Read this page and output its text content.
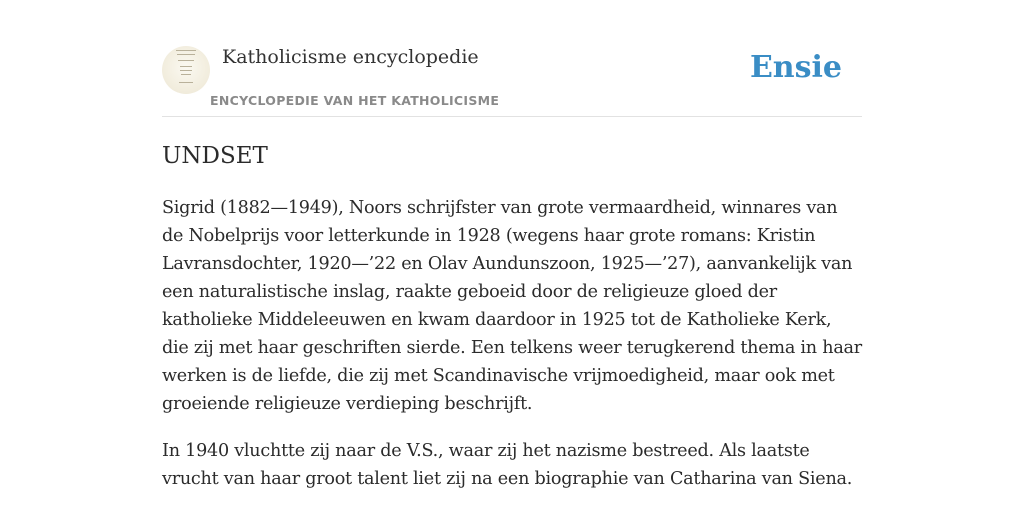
Katholicisme encyclopedie
ENCYCLOPEDIE VAN HET KATHOLICISME
Ensie
UNDSET

Sigrid (1882—1949), Noors schrijfster van grote vermaardheid, winnares van de Nobelprijs voor letterkunde in 1928 (wegens haar grote romans: Kristin Lavransdochter, 1920—’22 en Olav Aundunszoon, 1925—’27), aanvankelijk van een naturalistische inslag, raakte geboeid door de religieuze gloed der katholieke Middeleeuwen en kwam daardoor in 1925 tot de Katholieke Kerk, die zij met haar geschriften sierde. Een telkens weer terugkerend thema in haar werken is de liefde, die zij met Scandinavische vrijmoedigheid, maar ook met groeiende religieuze verdieping beschrijft.

In 1940 vluchtte zij naar de V.S., waar zij het nazisme bestreed. Als laatste vrucht van haar groot talent liet zij na een biographie van Catharina van Siena.
